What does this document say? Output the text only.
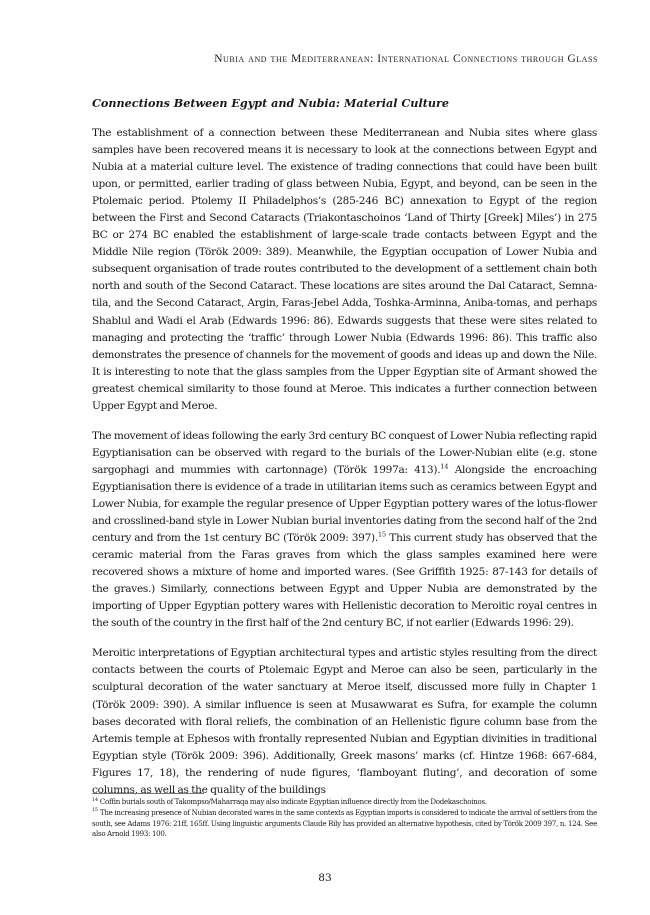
Nubia and the Mediterranean: International Connections through Glass
Connections Between Egypt and Nubia: Material Culture

The establishment of a connection between these Mediterranean and Nubia sites where glass samples have been recovered means it is necessary to look at the connections between Egypt and Nubia at a material culture level. The existence of trading connections that could have been built upon, or permitted, earlier trading of glass between Nubia, Egypt, and beyond, can be seen in the Ptolemaic period. Ptolemy II Philadelphos’s (285-246 BC) annexation to Egypt of the region between the First and Second Cataracts (Triakontaschoinos ‘Land of Thirty [Greek] Miles’) in 275 BC or 274 BC enabled the establishment of large-scale trade contacts between Egypt and the Middle Nile region (Török 2009: 389). Meanwhile, the Egyptian occupation of Lower Nubia and subsequent organisation of trade routes contributed to the development of a settlement chain both north and south of the Second Cataract. These locations are sites around the Dal Cataract, Semna-tila, and the Second Cataract, Argin, Faras-Jebel Adda, Toshka-Arminna, Aniba-tomas, and perhaps Shablul and Wadi el Arab (Edwards 1996: 86). Edwards suggests that these were sites related to managing and protecting the ‘traffic’ through Lower Nubia (Edwards 1996: 86). This traffic also demonstrates the presence of channels for the movement of goods and ideas up and down the Nile. It is interesting to note that the glass samples from the Upper Egyptian site of Armant showed the greatest chemical similarity to those found at Meroe. This indicates a further connection between Upper Egypt and Meroe.

The movement of ideas following the early 3rd century BC conquest of Lower Nubia reflecting rapid Egyptianisation can be observed with regard to the burials of the Lower-Nubian elite (e.g. stone sargophagi and mummies with cartonnage) (Török 1997a: 413).$^{14}$ Alongside the encroaching Egyptianisation there is evidence of a trade in utilitarian items such as ceramics between Egypt and Lower Nubia, for example the regular presence of Upper Egyptian pottery wares of the lotus-flower and crosslined-band style in Lower Nubian burial inventories dating from the second half of the 2nd century and from the 1st century BC (Török 2009: 397).$^{15}$ This current study has observed that the ceramic material from the Faras graves from which the glass samples examined here were recovered shows a mixture of home and imported wares. (See Griffith 1925: 87-143 for details of the graves.) Similarly, connections between Egypt and Upper Nubia are demonstrated by the importing of Upper Egyptian pottery wares with Hellenistic decoration to Meroitic royal centres in the south of the country in the first half of the 2nd century BC, if not earlier (Edwards 1996: 29).

Meroitic interpretations of Egyptian architectural types and artistic styles resulting from the direct contacts between the courts of Ptolemaic Egypt and Meroe can also be seen, particularly in the sculptural decoration of the water sanctuary at Meroe itself, discussed more fully in Chapter 1 (Török 2009: 390). A similar influence is seen at Musawwarat es Sufra, for example the column bases decorated with floral reliefs, the combination of an Hellenistic figure column base from the Artemis temple at Ephesos with frontally represented Nubian and Egyptian divinities in traditional Egyptian style (Török 2009: 396). Additionally, Greek masons’ marks (cf. Hintze 1968: 667-684, Figures 17, 18), the rendering of nude figures, ‘flamboyant fluting’, and decoration of some columns, as well as the quality of the buildings

$^{14}$ Coffin burials south of Takompso/Maharraqa may also indicate Egyptian influence directly from the Dodekaschoinos.

$^{15}$ The increasing presence of Nubian decorated wares in the same contexts as Egyptian imports is considered to indicate the arrival of settlers from the south, see Adams 1976: 21ff, 165ff. Using linguistic arguments Claude Rily has provided an alternative hypothesis, cited by Török 2009 397, n. 124. See also Arnold 1993: 100.

83
